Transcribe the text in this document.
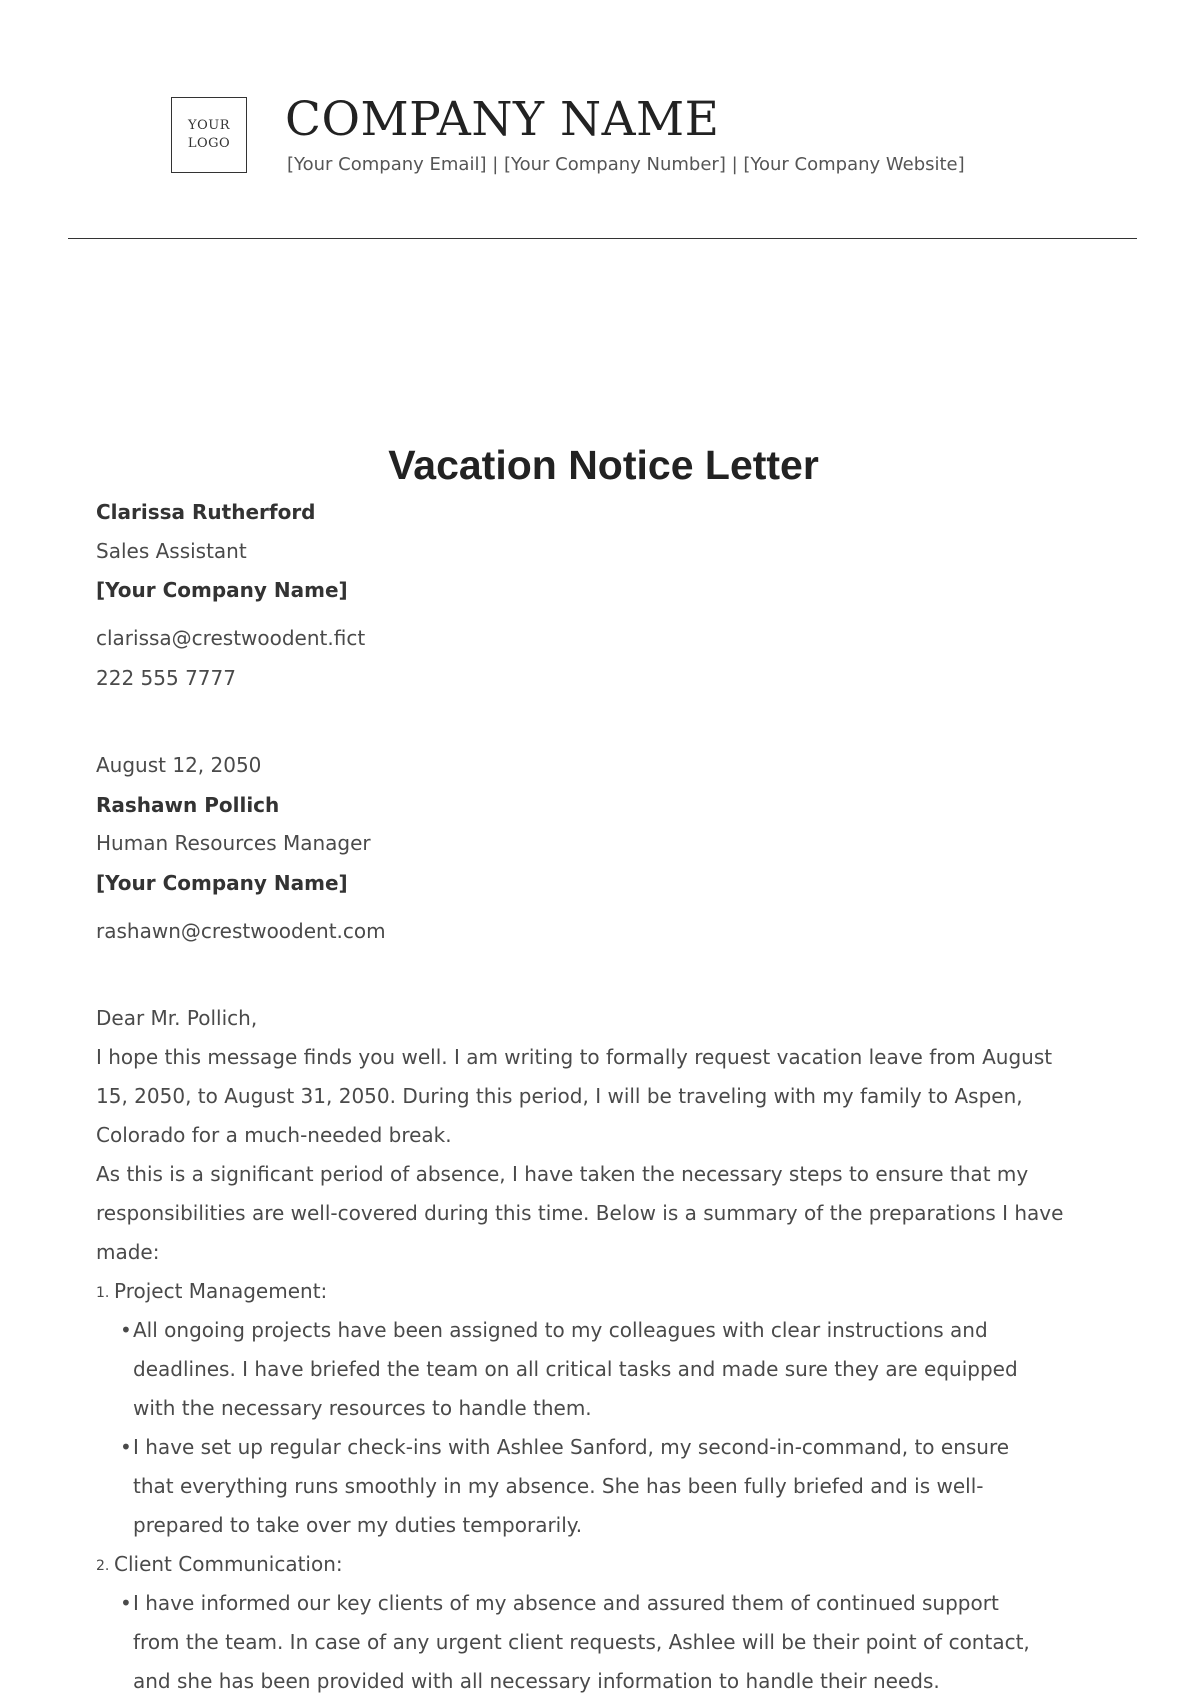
YOUR
LOGO COMPANY NAME
[Your Company Email] | [Your Company Number] | [Your Company Website]
Vacation Notice Letter
Clarissa Rutherford
Sales Assistant
[Your Company Name]
clarissa@crestwoodent.fict
222 555 7777
August 12, 2050
Rashawn Pollich
Human Resources Manager
[Your Company Name]
rashawn@crestwoodent.com
Dear Mr. Pollich,
I hope this message finds you well. I am writing to formally request vacation leave from August
15, 2050, to August 31, 2050. During this period, I will be traveling with my family to Aspen,
Colorado for a much-needed break.
As this is a significant period of absence, I have taken the necessary steps to ensure that my
responsibilities are well-covered during this time. Below is a summary of the preparations I have
made:
1. Project Management:
• All ongoing projects have been assigned to my colleagues with clear instructions and
deadlines. I have briefed the team on all critical tasks and made sure they are equipped
with the necessary resources to handle them.
• I have set up regular check-ins with Ashlee Sanford, my second-in-command, to ensure
that everything runs smoothly in my absence. She has been fully briefed and is well-
prepared to take over my duties temporarily.
2. Client Communication:
• I have informed our key clients of my absence and assured them of continued support
from the team. In case of any urgent client requests, Ashlee will be their point of contact,
and she has been provided with all necessary information to handle their needs.
